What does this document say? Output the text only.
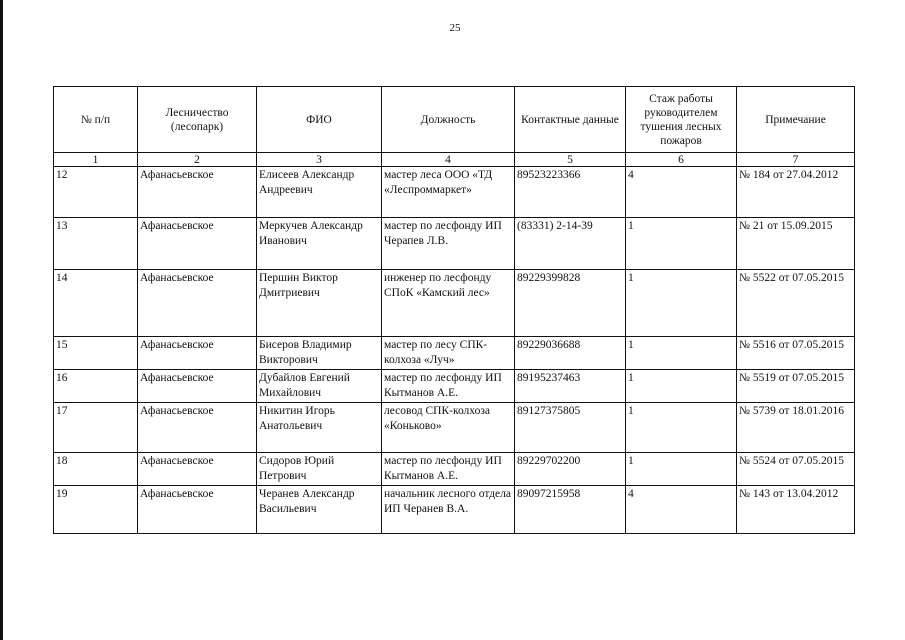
25
№ п/п	Лесничество (лесопарк)	ФИО	Должность	Контактные данные	Стаж работы руководителем тушения лесных пожаров	Примечание
1	2	3	4	5	6	7
12	Афанасьевское	Елисеев Александр Андреевич	мастер леса ООО «ТД «Леспроммаркет»	89523223366	4	№ 184 от 27.04.2012
13	Афанасьевское	Меркучев Александр Иванович	мастер по лесфонду ИП Черапев Л.В.	(83331) 2-14-39	1	№ 21 от 15.09.2015
14	Афанасьевское	Першин Виктор Дмитриевич	инженер по лесфонду СПоК «Камский лес»	89229399828	1	№ 5522 от 07.05.2015
15	Афанасьевское	Бисеров Владимир Викторович	мастер по лесу СПК-колхоза «Луч»	89229036688	1	№ 5516 от 07.05.2015
16	Афанасьевское	Дубайлов Евгений Михайлович	мастер по лесфонду ИП Кытманов А.Е.	89195237463	1	№ 5519 от 07.05.2015
17	Афанасьевское	Никитин Игорь Анатольевич	лесовод СПК-колхоза «Коньково»	89127375805	1	№ 5739 от 18.01.2016
18	Афанасьевское	Сидоров Юрий Петрович	мастер по лесфонду ИП Кытманов А.Е.	89229702200	1	№ 5524 от 07.05.2015
19	Афанасьевское	Черанев Александр Васильевич	начальник лесного отдела ИП Черанев В.А.	89097215958	4	№ 143 от 13.04.2012
